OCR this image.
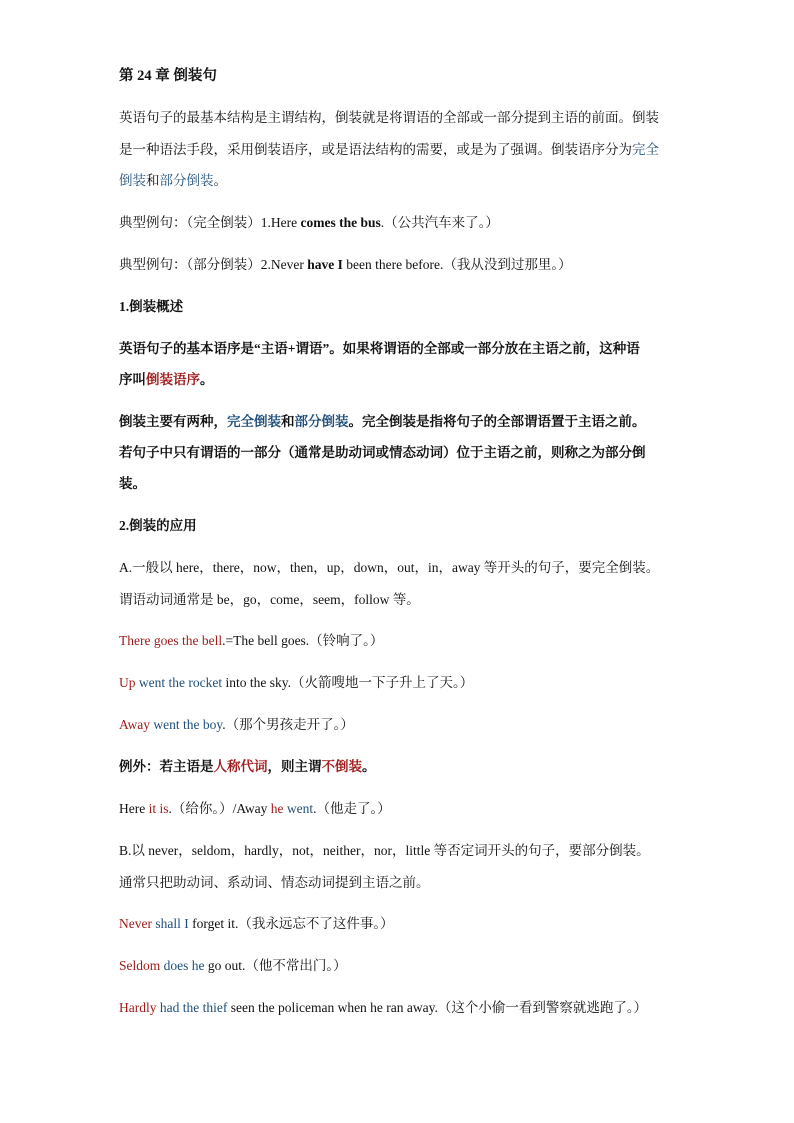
第 24 章 倒装句
英语句子的最基本结构是主谓结构，倒装就是将谓语的全部或一部分提到主语的前面。倒装
是一种语法手段，采用倒装语序，或是语法结构的需要，或是为了强调。倒装语序分为完全
倒装和部分倒装。
典型例句：（完全倒装）1.Here comes the bus.（公共汽车来了。）
典型例句：（部分倒装）2.Never have I been there before.（我从没到过那里。）
1.倒装概述
英语句子的基本语序是“主语+谓语”。如果将谓语的全部或一部分放在主语之前，这种语
序叫倒装语序。
倒装主要有两种，完全倒装和部分倒装。完全倒装是指将句子的全部谓语置于主语之前。
若句子中只有谓语的一部分（通常是助动词或情态动词）位于主语之前，则称之为部分倒
装。
2.倒装的应用
A.一般以 here，there，now，then，up，down，out，in，away 等开头的句子，要完全倒装。
谓语动词通常是 be，go，come，seem，follow 等。
There goes the bell.=The bell goes.（铃响了。）
Up went the rocket into the sky.（火箭嗖地一下子升上了天。）
Away went the boy.（那个男孩走开了。）
例外：若主语是人称代词，则主谓不倒装。
Here it is.（给你。）/Away he went.（他走了。）
B.以 never，seldom，hardly，not，neither，nor，little 等否定词开头的句子，要部分倒装。
通常只把助动词、系动词、情态动词提到主语之前。
Never shall I forget it.（我永远忘不了这件事。）
Seldom does he go out.（他不常出门。）
Hardly had the thief seen the policeman when he ran away.（这个小偷一看到警察就逃跑了。）
